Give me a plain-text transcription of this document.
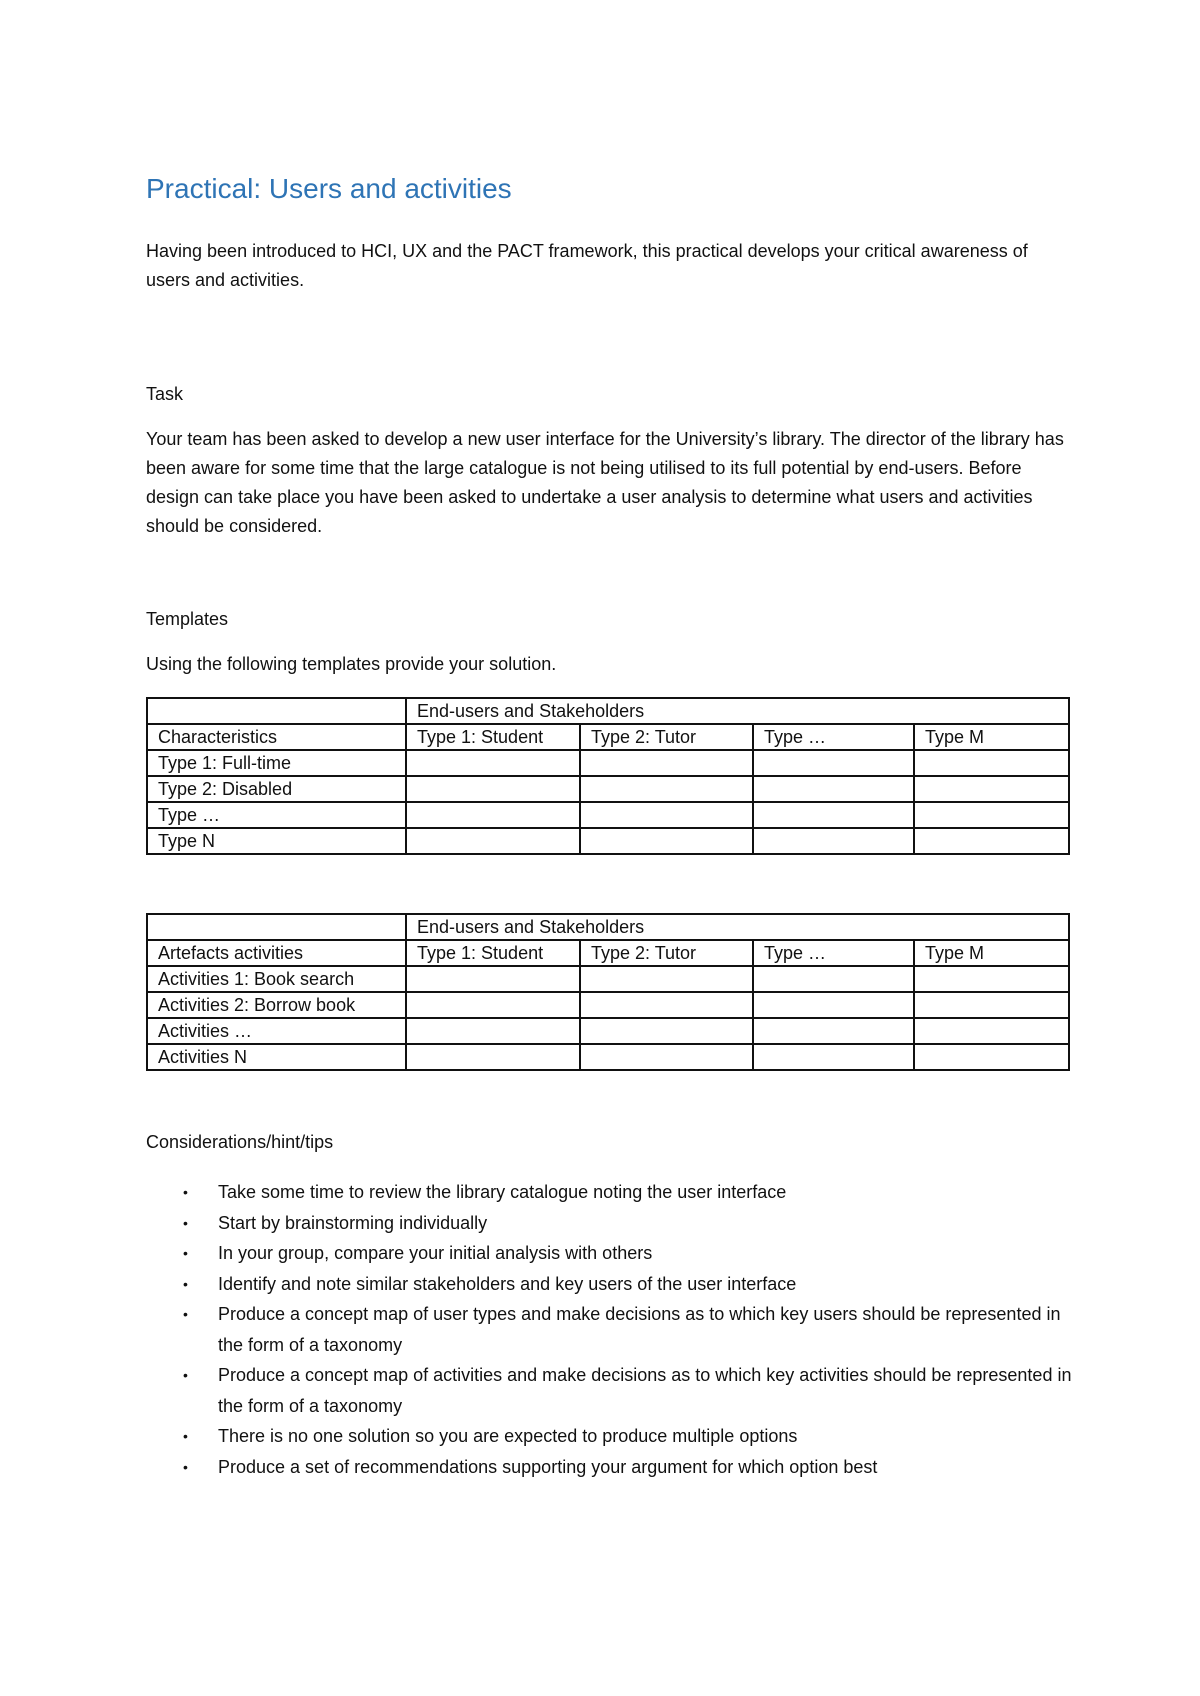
Practical: Users and activities

Having been introduced to HCI, UX and the PACT framework, this practical develops your critical awareness of users and activities.

Task

Your team has been asked to develop a new user interface for the University’s library. The director of the library has been aware for some time that the large catalogue is not being utilised to its full potential by end-users. Before design can take place you have been asked to undertake a user analysis to determine what users and activities should be considered.

Templates

Using the following templates provide your solution.

	End-users and Stakeholders			
Characteristics	Type 1: Student	Type 2: Tutor	Type …	Type M
Type 1: Full-time				
Type 2: Disabled				
Type …				
Type N				
	End-users and Stakeholders			
Artefacts activities	Type 1: Student	Type 2: Tutor	Type …	Type M
Activities 1: Book search				
Activities 2: Borrow book				
Activities …				
Activities N				

Considerations/hint/tips

• Take some time to review the library catalogue noting the user interface
• Start by brainstorming individually
• In your group, compare your initial analysis with others
• Identify and note similar stakeholders and key users of the user interface
• Produce a concept map of user types and make decisions as to which key users should be represented in the form of a taxonomy
• Produce a concept map of activities and make decisions as to which key activities should be represented in the form of a taxonomy
• There is no one solution so you are expected to produce multiple options
• Produce a set of recommendations supporting your argument for which option best
